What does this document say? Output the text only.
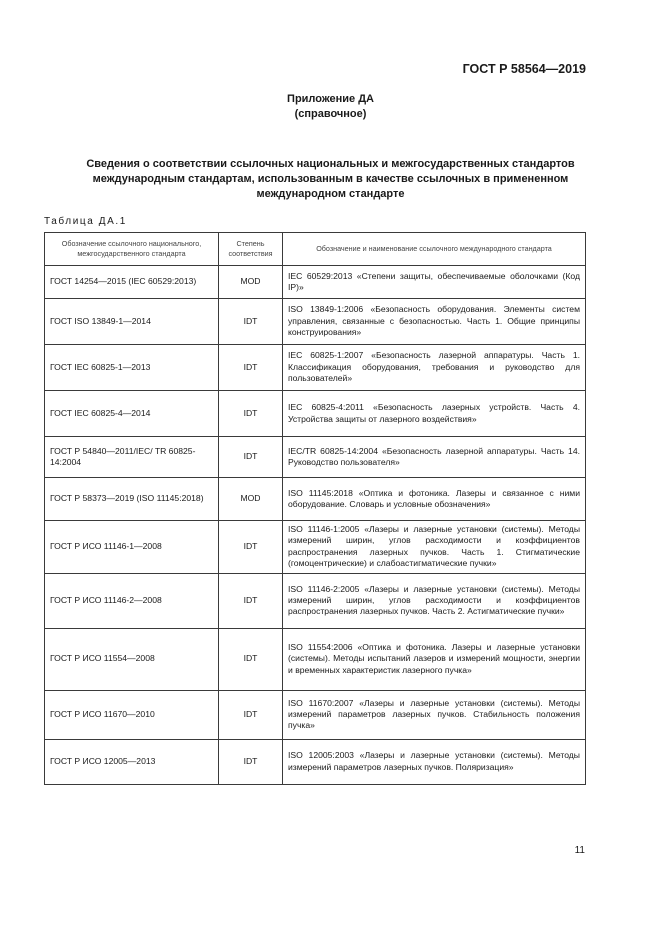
ГОСТ Р 58564—2019
Приложение ДА
(справочное)
Сведения о соответствии ссылочных национальных и межгосударственных стандартов
международным стандартам, использованным в качестве ссылочных в примененном
международном стандарте
Таблица ДА.1
Обозначение ссылочного национального, межгосударственного стандарта	Степень соответствия	Обозначение и наименование ссылочного международного стандарта
ГОСТ 14254—2015 (IEC 60529:2013)	MOD	IEC 60529:2013 «Степени защиты, обеспечиваемые оболочками (Код IP)»
ГОСТ ISO 13849-1—2014	IDT	ISO 13849-1:2006 «Безопасность оборудования. Элементы систем управления, связанные с безопасностью. Часть 1. Общие принципы конструирования»
ГОСТ IEC 60825-1—2013	IDT	IEC 60825-1:2007 «Безопасность лазерной аппаратуры. Часть 1. Классификация оборудования, требования и руководство для пользователей»
ГОСТ IEC 60825-4—2014	IDT	IEC 60825-4:2011 «Безопасность лазерных устройств. Часть 4. Устройства защиты от лазерного воздействия»
ГОСТ Р 54840—2011/IEC/ TR 60825-14:2004	IDT	IEC/TR 60825-14:2004 «Безопасность лазерной аппаратуры. Часть 14. Руководство пользователя»
ГОСТ Р 58373—2019 (ISO 11145:2018)	MOD	ISO 11145:2018 «Оптика и фотоника. Лазеры и связанное с ними оборудование. Словарь и условные обозначения»
ГОСТ Р ИСО 11146-1—2008	IDT	ISO 11146-1:2005 «Лазеры и лазерные установки (системы). Методы измерений ширин, углов расходимости и коэффициентов распространения лазерных пучков. Часть 1. Стигматические (гомоцентрические) и слабоастигматические пучки»
ГОСТ Р ИСО 11146-2—2008	IDT	ISO 11146-2:2005 «Лазеры и лазерные установки (системы). Методы измерений ширин, углов расходимости и коэффициентов распространения лазерных пучков. Часть 2. Астигматические пучки»
ГОСТ Р ИСО 11554—2008	IDT	ISO 11554:2006 «Оптика и фотоника. Лазеры и лазерные установки (системы). Методы испытаний лазеров и измерений мощности, энергии и временных характеристик лазерного пучка»
ГОСТ Р ИСО 11670—2010	IDT	ISO 11670:2007 «Лазеры и лазерные установки (системы). Методы измерений параметров лазерных пучков. Стабильность положения пучка»
ГОСТ Р ИСО 12005—2013	IDT	ISO 12005:2003 «Лазеры и лазерные установки (системы). Методы измерений параметров лазерных пучков. Поляризация»
11
